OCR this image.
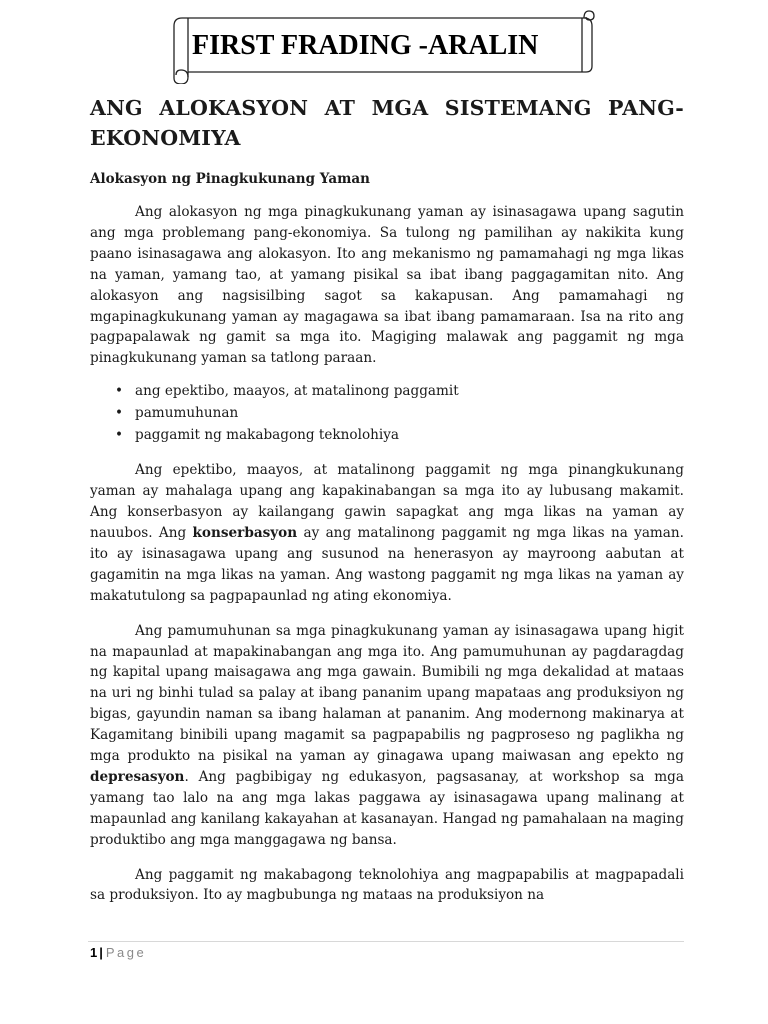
FIRST FRADING -ARALIN
ANG ALOKASYON AT MGA SISTEMANG PANG-EKONOMIYA
Alokasyon ng Pinagkukunang Yaman

Ang alokasyon ng mga pinagkukunang yaman ay isinasagawa upang sagutin ang mga problemang pang-ekonomiya. Sa tulong ng pamilihan ay nakikita kung paano isinasagawa ang alokasyon. Ito ang mekanismo ng pamamahagi ng mga likas na yaman, yamang tao, at yamang pisikal sa ibat ibang paggagamitan nito. Ang alokasyon ang nagsisilbing sagot sa kakapusan. Ang pamamahagi ng mgapinagkukunang yaman ay magagawa sa ibat ibang pamamaraan. Isa na rito ang pagpapalawak ng gamit sa mga ito. Magiging malawak ang paggamit ng mga pinagkukunang yaman sa tatlong paraan.

• ang epektibo, maayos, at matalinong paggamit
• pamumuhunan
• paggamit ng makabagong teknolohiya

Ang epektibo, maayos, at matalinong paggamit ng mga pinangkukunang yaman ay mahalaga upang ang kapakinabangan sa mga ito ay lubusang makamit. Ang konserbasyon ay kailangang gawin sapagkat ang mga likas na yaman ay nauubos. Ang konserbasyon ay ang matalinong paggamit ng mga likas na yaman. ito ay isinasagawa upang ang susunod na henerasyon ay mayroong aabutan at gagamitin na mga likas na yaman. Ang wastong paggamit ng mga likas na yaman ay makatutulong sa pagpapaunlad ng ating ekonomiya.

Ang pamumuhunan sa mga pinagkukunang yaman ay isinasagawa upang higit na mapaunlad at mapakinabangan ang mga ito. Ang pamumuhunan ay pagdaragdag ng kapital upang maisagawa ang mga gawain. Bumibili ng mga dekalidad at mataas na uri ng binhi tulad sa palay at ibang pananim upang mapataas ang produksiyon ng bigas, gayundin naman sa ibang halaman at pananim. Ang modernong makinarya at Kagamitang binibili upang magamit sa pagpapabilis ng pagproseso ng paglikha ng mga produkto na pisikal na yaman ay ginagawa upang maiwasan ang epekto ng depresasyon. Ang pagbibigay ng edukasyon, pagsasanay, at workshop sa mga yamang tao lalo na ang mga lakas paggawa ay isinasagawa upang malinang at mapaunlad ang kanilang kakayahan at kasanayan. Hangad ng pamahalaan na maging produktibo ang mga manggagawa ng bansa.

Ang paggamit ng makabagong teknolohiya ang magpapabilis at magpapadali sa produksiyon. Ito ay magbubunga ng mataas na produksiyon na

1 | Page
